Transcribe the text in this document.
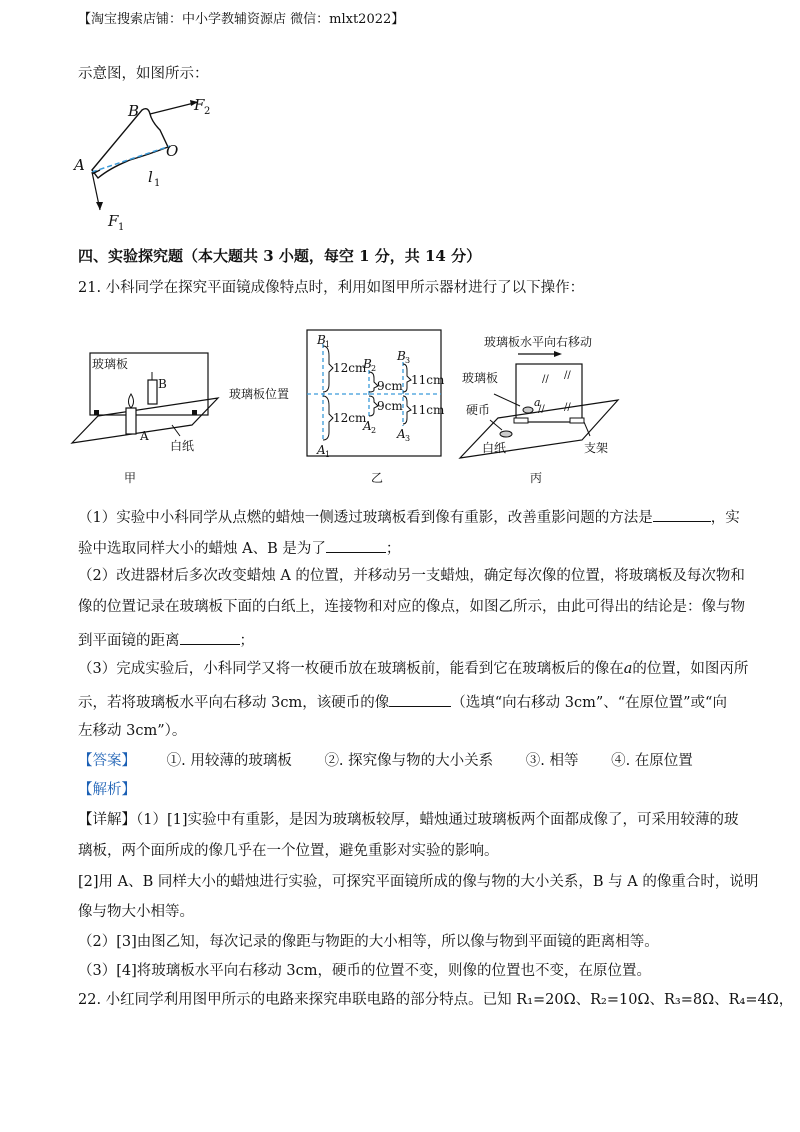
【淘宝搜索店铺：中小学教辅资源店 微信：mlxt2022】
示意图，如图所示：
B
O
A
F 2
F 1
l 1
四、实验探究题（本大题共 3 小题，每空 1 分，共 14 分）
21. 小科同学在探究平面镜成像特点时，利用如图甲所示器材进行了以下操作：
玻璃板
B
A
白纸
甲
B 1
B 2
B 3
A 1
A 2 A 3
12cm
12cm
9cm
9cm
11cm
11cm
玻璃板位置
乙
// //
// //
玻璃板水平向右移动
玻璃板
硬币
a
白纸	支架
丙
（1）实验中小科同学从点燃的蜡烛一侧透过玻璃板看到像有重影，改善重影问题的方法是	，实
验中选取同样大小的蜡烛 A、B 是为了	；
（2）改进器材后多次改变蜡烛 A 的位置，并移动另一支蜡烛，确定每次像的位置，将玻璃板及每次物和
像的位置记录在玻璃板下面的白纸上，连接物和对应的像点，如图乙所示，由此可得出的结论是：像与物
到平面镜的距离	；
（3）完成实验后，小科同学又将一枚硬币放在玻璃板前，能看到它在玻璃板后的像在a的位置，如图丙所
示，若将玻璃板水平向右移动 3cm，该硬币的像	（选填“向右移动 3cm”、“在原位置”或“向
左移动 3cm”）。
【答案】 ①. 用较薄的玻璃板 ②. 探究像与物的大小关系 ③. 相等 ④. 在原位置
【解析】
【详解】（1）[1]实验中有重影，是因为玻璃板较厚，蜡烛通过玻璃板两个面都成像了，可采用较薄的玻
璃板，两个面所成的像几乎在一个位置，避免重影对实验的影响。
[2]用 A、B 同样大小的蜡烛进行实验，可探究平面镜所成的像与物的大小关系，B 与 A 的像重合时，说明
像与物大小相等。
（2）[3]由图乙知，每次记录的像距与物距的大小相等，所以像与物到平面镜的距离相等。
（3）[4]将玻璃板水平向右移动 3cm，硬币的位置不变，则像的位置也不变，在原位置。
22. 小红同学利用图甲所示的电路来探究串联电路的部分特点。已知 R₁=20Ω、R₂=10Ω、R₃=8Ω、R₄=4Ω，
